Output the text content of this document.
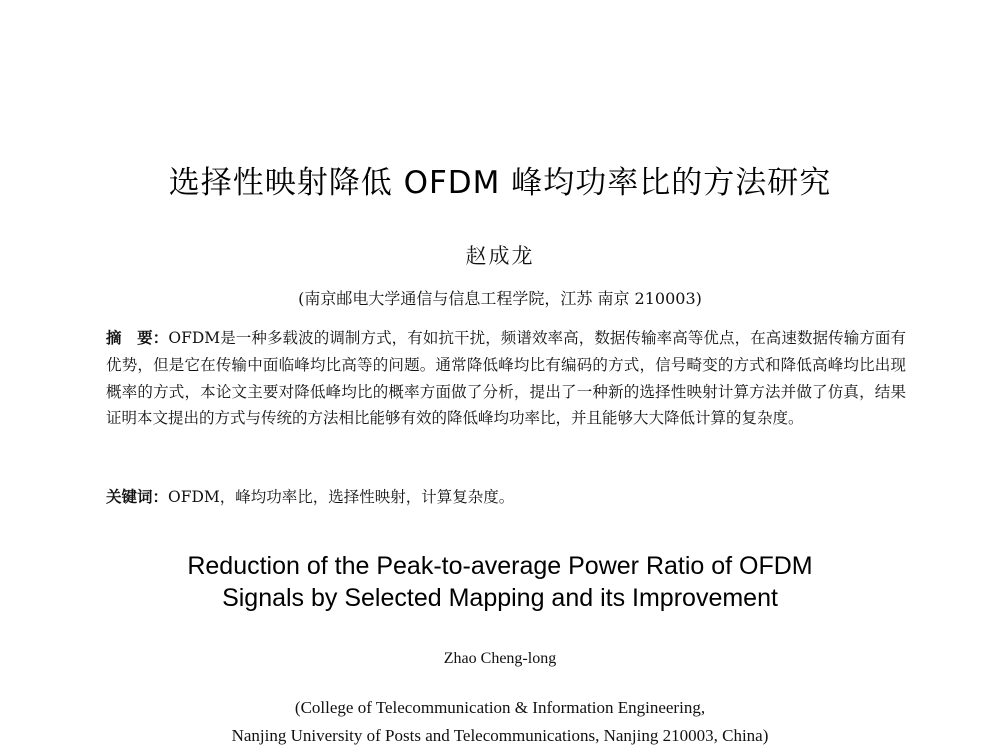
选择性映射降低 OFDM 峰均功率比的方法研究
赵成龙
(南京邮电大学通信与信息工程学院，江苏 南京 210003)

摘　要：OFDM是一种多载波的调制方式，有如抗干扰，频谱效率高，数据传输率高等优点，在高速数据传输方面有优势，但是它在传输中面临峰均比高等的问题。通常降低峰均比有编码的方式，信号畸变的方式和降低高峰均比出现概率的方式，本论文主要对降低峰均比的概率方面做了分析，提出了一种新的选择性映射计算方法并做了仿真，结果证明本文提出的方式与传统的方法相比能够有效的降低峰均功率比，并且能够大大降低计算的复杂度。

关键词：OFDM，峰均功率比，选择性映射，计算复杂度。

Reduction of the Peak-to-average Power Ratio of OFDM
Signals by Selected Mapping and its Improvement
Zhao Cheng-long
(College of Telecommunication & Information Engineering,
Nanjing University of Posts and Telecommunications, Nanjing 210003, China)
